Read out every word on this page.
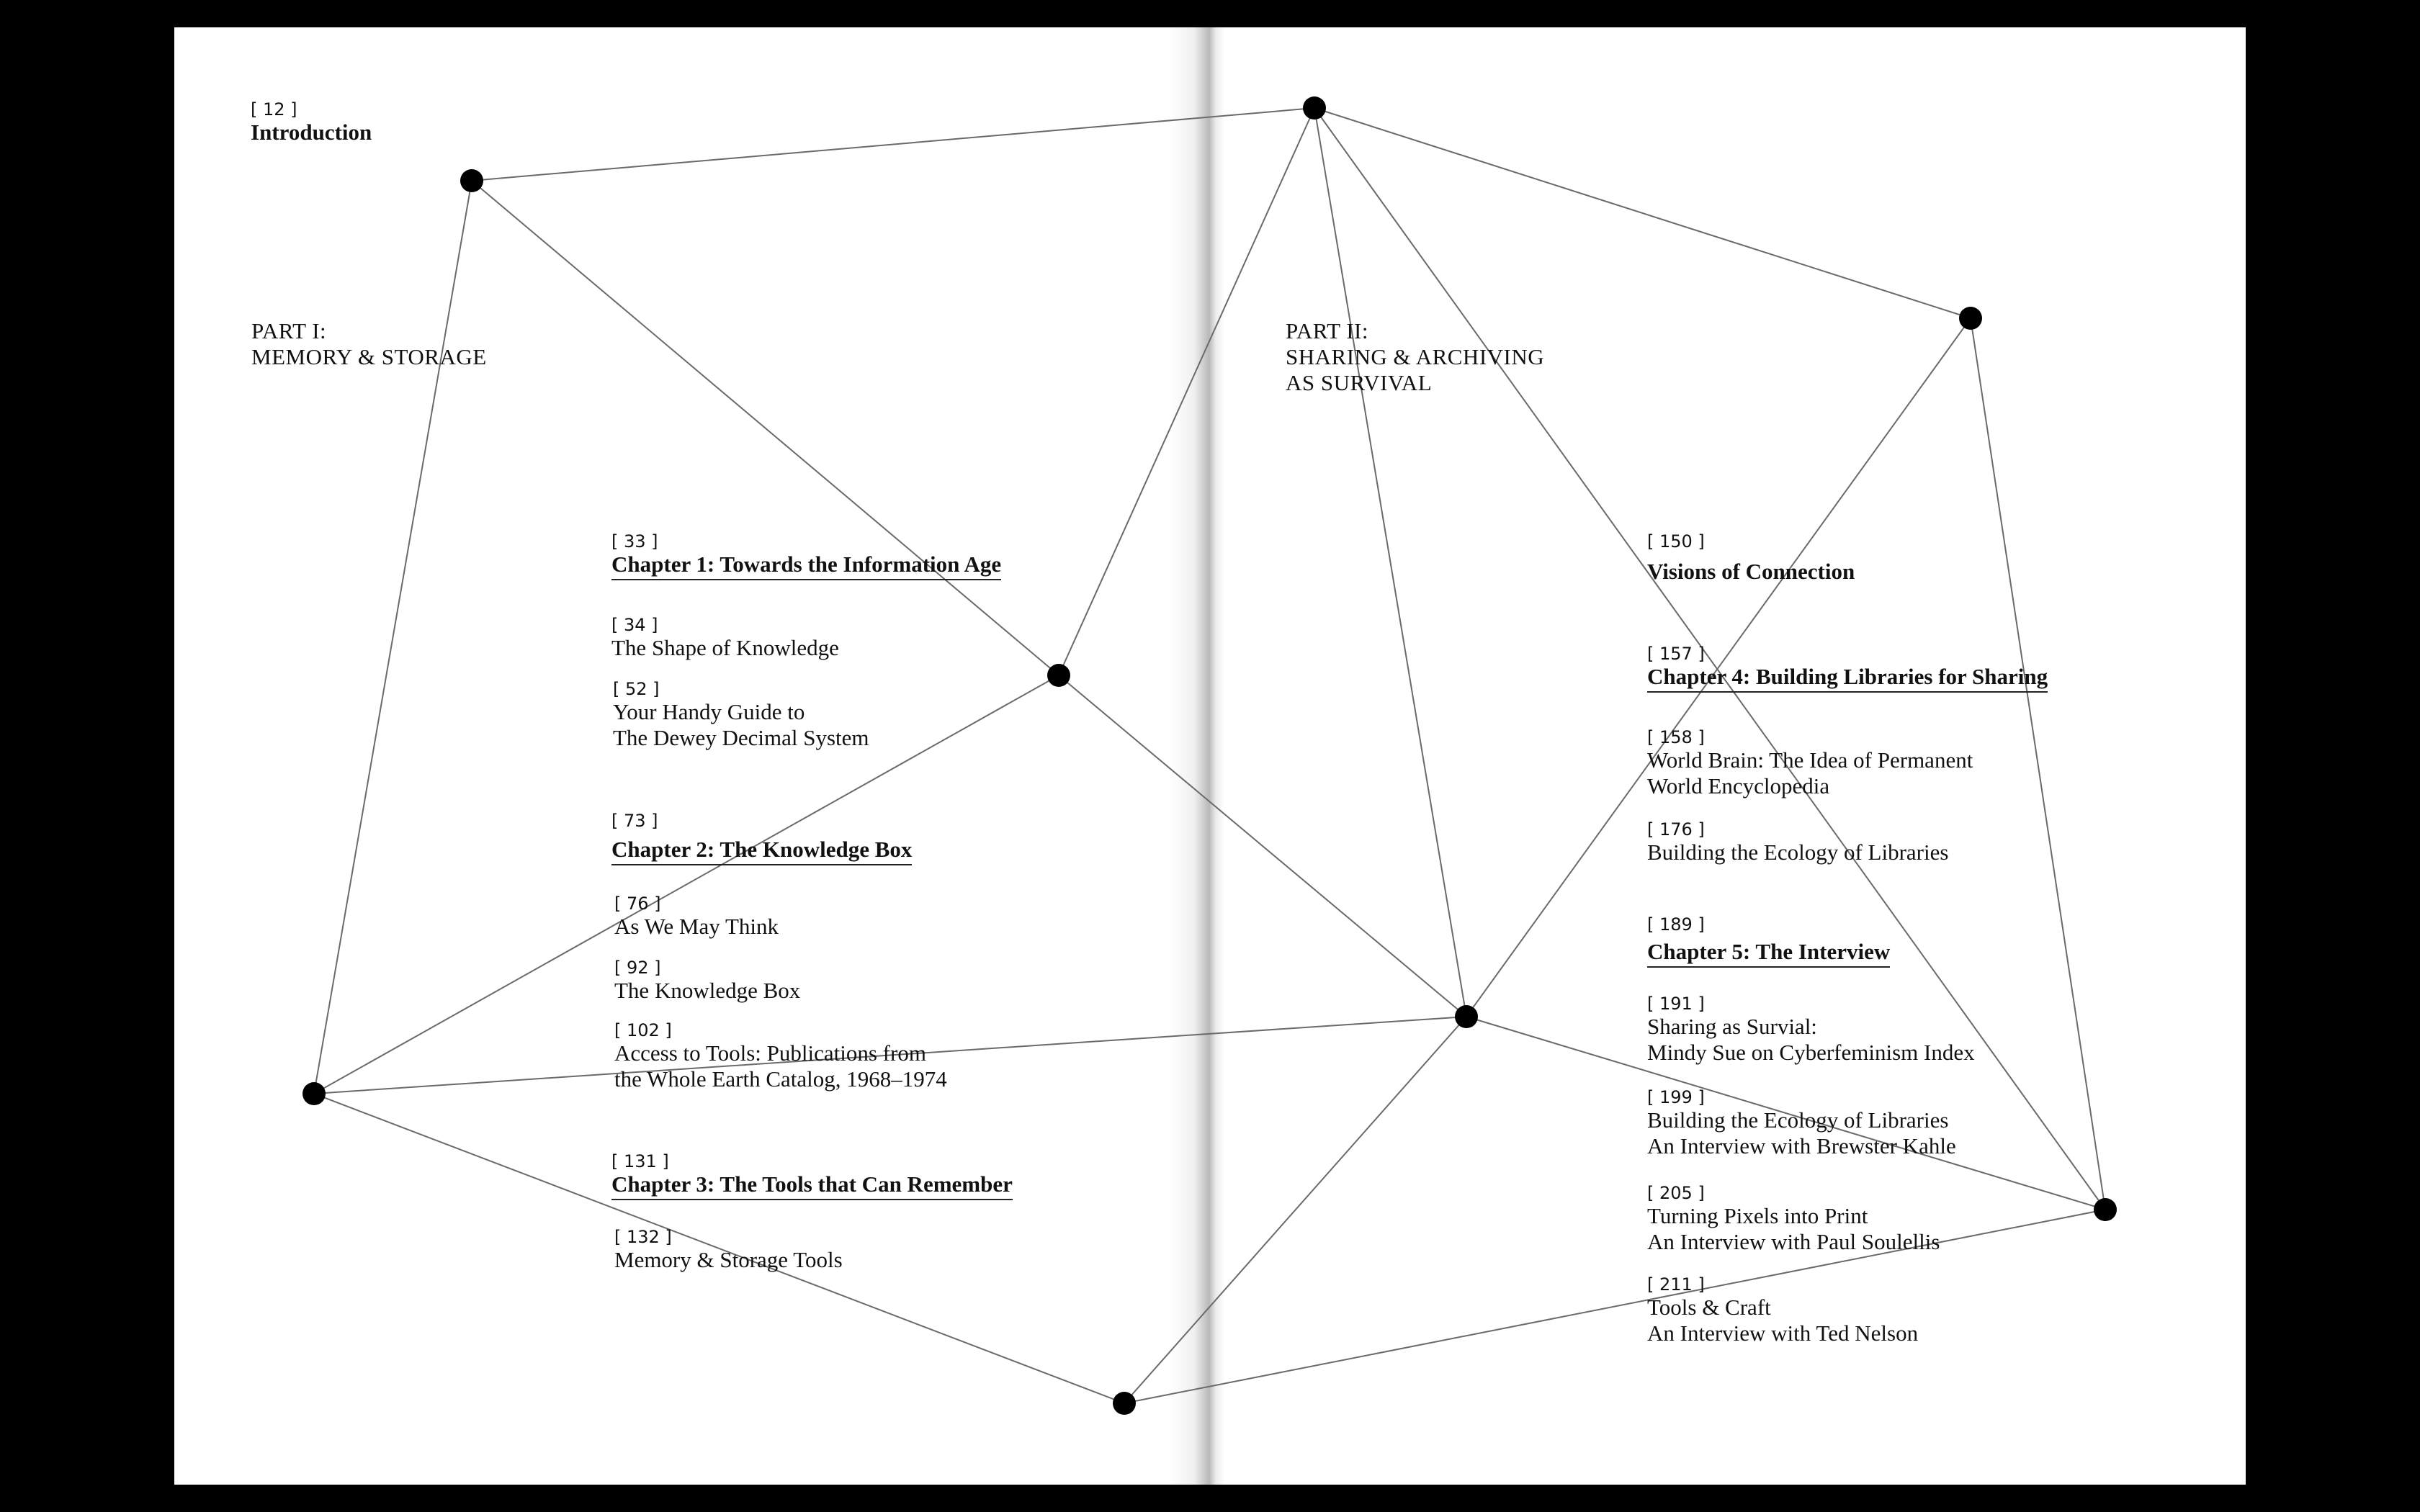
[ 12 ]
Introduction
PART I:
MEMORY & STORAGE
[ 33 ]
Chapter 1: Towards the Information Age
[ 34 ]
The Shape of Knowledge
[ 52 ]
Your Handy Guide to
The Dewey Decimal System
[ 73 ]
Chapter 2: The Knowledge Box
[ 76 ]
As We May Think
[ 92 ]
The Knowledge Box
[ 102 ]
Access to Tools: Publications from
the Whole Earth Catalog, 1968–1974
[ 131 ]
Chapter 3: The Tools that Can Remember
[ 132 ]
Memory & Storage Tools
PART II:
SHARING & ARCHIVING
AS SURVIVAL
[ 150 ]
Visions of Connection
[ 157 ]
Chapter 4: Building Libraries for Sharing
[ 158 ]
World Brain: The Idea of Permanent
World Encyclopedia
[ 176 ]
Building the Ecology of Libraries
[ 189 ]
Chapter 5: The Interview
[ 191 ]
Sharing as Survial:
Mindy Sue on Cyberfeminism Index
[ 199 ]
Building the Ecology of Libraries
An Interview with Brewster Kahle
[ 205 ]
Turning Pixels into Print
An Interview with Paul Soulellis
[ 211 ]
Tools & Craft
An Interview with Ted Nelson
